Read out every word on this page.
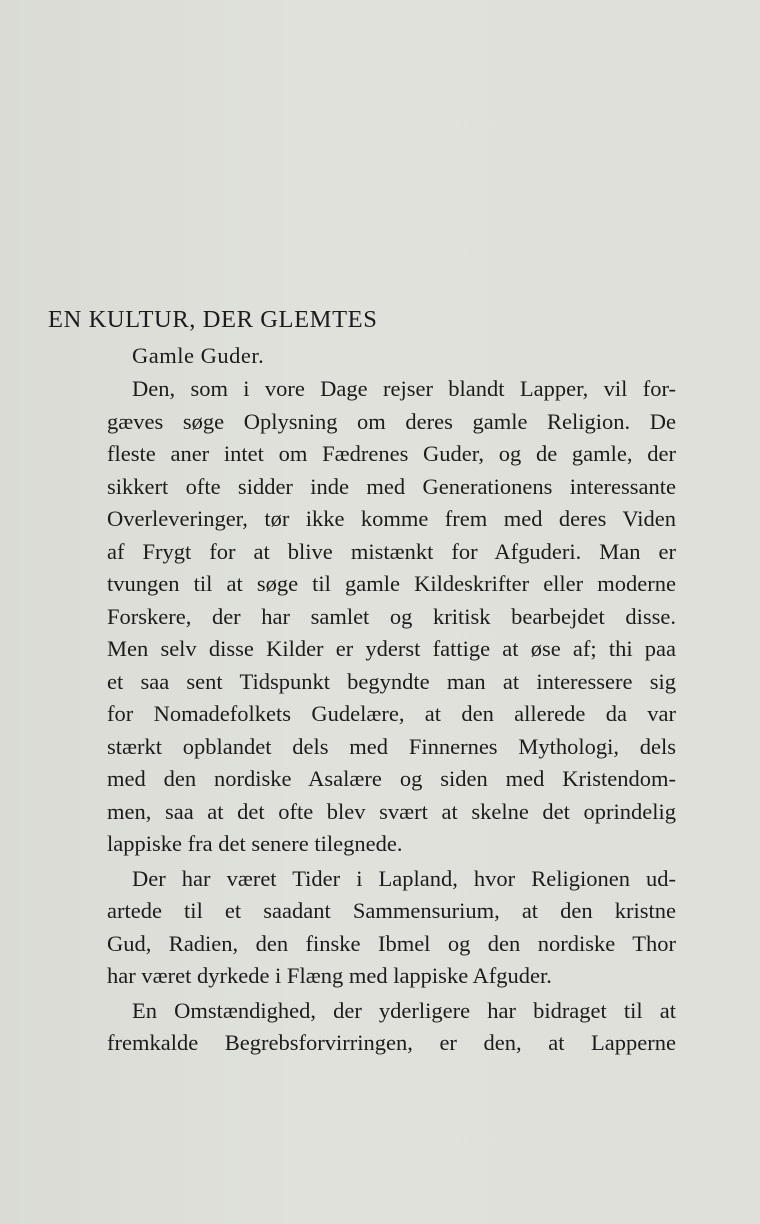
EN KULTUR, DER GLEMTES
Gamle Guder.
Den, som i vore Dage rejser blandt Lapper, vil for-
gæves søge Oplysning om deres gamle Religion. De
fleste aner intet om Fædrenes Guder, og de gamle, der
sikkert ofte sidder inde med Generationens interessante
Overleveringer, tør ikke komme frem med deres Viden
af Frygt for at blive mistænkt for Afguderi. Man er
tvungen til at søge til gamle Kildeskrifter eller moderne
Forskere, der har samlet og kritisk bearbejdet disse.
Men selv disse Kilder er yderst fattige at øse af; thi paa
et saa sent Tidspunkt begyndte man at interessere sig
for Nomadefolkets Gudelære, at den allerede da var
stærkt opblandet dels med Finnernes Mythologi, dels
med den nordiske Asalære og siden med Kristendom-
men, saa at det ofte blev svært at skelne det oprindelig
lappiske fra det senere tilegnede.
Der har været Tider i Lapland, hvor Religionen ud-
artede til et saadant Sammensurium, at den kristne
Gud, Radien, den finske Ibmel og den nordiske Thor
har været dyrkede i Flæng med lappiske Afguder.
En Omstændighed, der yderligere har bidraget til at
fremkalde Begrebsforvirringen, er den, at Lapperne
